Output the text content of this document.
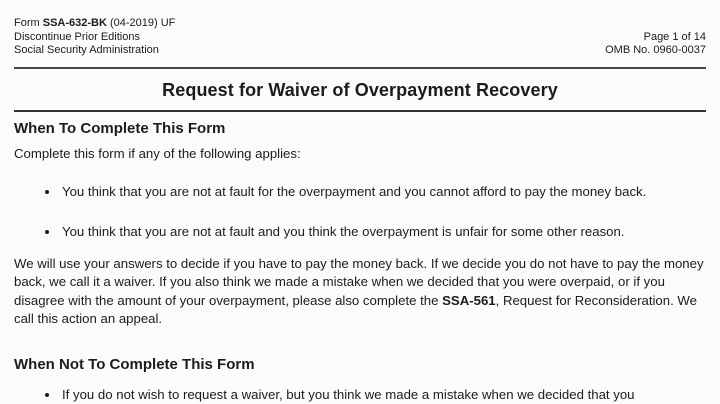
Form SSA-632-BK (04-2019) UF
Discontinue Prior Editions
Social Security Administration
Page 1 of 14
OMB No. 0960-0037
Request for Waiver of Overpayment Recovery
When To Complete This Form

Complete this form if any of the following applies:

• You think that you are not at fault for the overpayment and you cannot afford to pay the money back.
• You think that you are not at fault and you think the overpayment is unfair for some other reason.

We will use your answers to decide if you have to pay the money back. If we decide you do not have to pay the money back, we call it a waiver. If you also think we made a mistake when we decided that you were overpaid, or if you disagree with the amount of your overpayment, please also complete the SSA-561, Request for Reconsideration. We call this action an appeal.

When Not To Complete This Form
• If you do not wish to request a waiver, but you think we made a mistake when we decided that you
